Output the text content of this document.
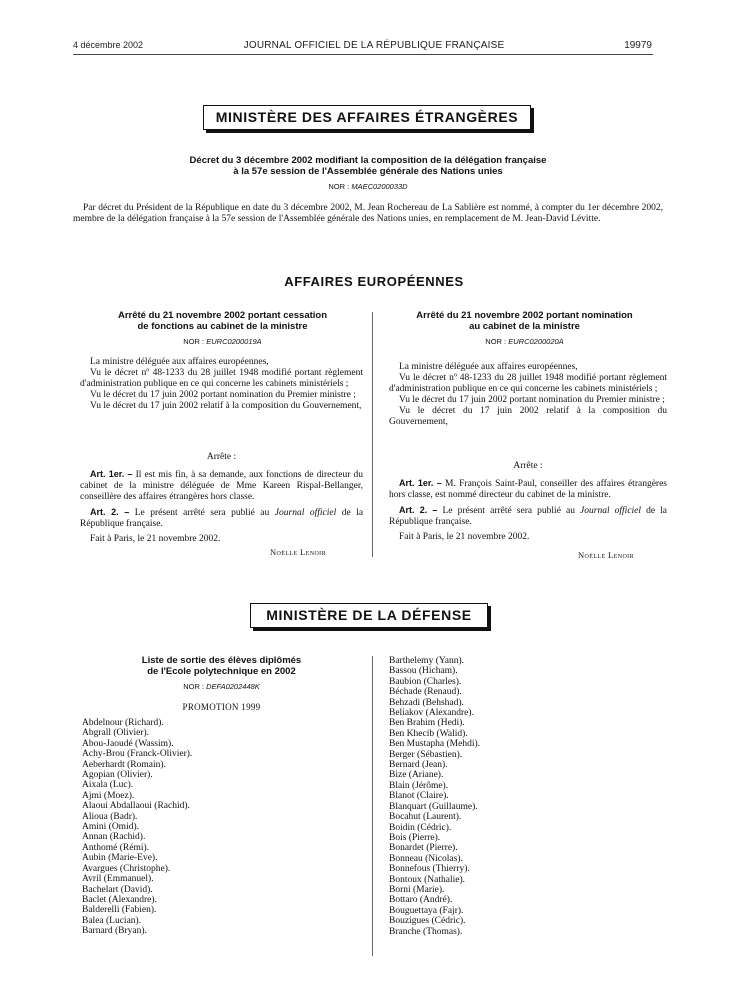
4 décembre 2002	JOURNAL OFFICIEL DE LA RÉPUBLIQUE FRANÇAISE	19979
MINISTÈRE DES AFFAIRES ÉTRANGÈRES
Décret du 3 décembre 2002 modifiant la composition de la délégation française
à la 57e session de l'Assemblée générale des Nations unies
NOR : MAEC0200033D

Par décret du Président de la République en date du 3 décembre 2002, M. Jean Rochereau de La Sablière est nommé, à compter du 1er décembre 2002, membre de la délégation française à la 57e session de l'Assemblée générale des Nations unies, en remplacement de M. Jean-David Lévitte.

AFFAIRES EUROPÉENNES
Arrêté du 21 novembre 2002 portant cessation
de fonctions au cabinet de la ministre
NOR : EURC0200019A

La ministre déléguée aux affaires européennes,

Vu le décret nº 48-1233 du 28 juillet 1948 modifié portant règlement d'administration publique en ce qui concerne les cabinets ministériels ;

Vu le décret du 17 juin 2002 portant nomination du Premier ministre ;

Vu le décret du 17 juin 2002 relatif à la composition du Gouvernement,

Arrête :

Art. 1er. – Il est mis fin, à sa demande, aux fonctions de directeur du cabinet de la ministre déléguée de Mme Kareen Rispal-Bellanger, conseillère des affaires étrangères hors classe.

Art. 2. – Le présent arrêté sera publié au Journal officiel de la République française.

Fait à Paris, le 21 novembre 2002.

Noëlle Lenoir
Arrêté du 21 novembre 2002 portant nomination
au cabinet de la ministre
NOR : EURC0200020A

La ministre déléguée aux affaires européennes,

Vu le décret nº 48-1233 du 28 juillet 1948 modifié portant règlement d'administration publique en ce qui concerne les cabinets ministériels ;

Vu le décret du 17 juin 2002 portant nomination du Premier ministre ;

Vu le décret du 17 juin 2002 relatif à la composition du Gouvernement,

Arrête :

Art. 1er. – M. François Saint-Paul, conseiller des affaires étrangères hors classe, est nommé directeur du cabinet de la ministre.

Art. 2. – Le présent arrêté sera publié au Journal officiel de la République française.

Fait à Paris, le 21 novembre 2002.

Noëlle Lenoir
MINISTÈRE DE LA DÉFENSE
Liste de sortie des élèves diplômés
de l'Ecole polytechnique en 2002
NOR : DEFA0202448K
PROMOTION 1999
Abdelnour (Richard).
Abgrall (Olivier).
Abou-Jaoudé (Wassim).
Achy-Brou (Franck-Olivier).
Aeberhardt (Romain).
Agopian (Olivier).
Aixala (Luc).
Ajmi (Moez).
Alaoui Abdallaoui (Rachid).
Alioua (Badr).
Amini (Omid).
Annan (Rachid).
Anthomé (Rémi).
Aubin (Marie-Eve).
Avargues (Christophe).
Avril (Emmanuel).
Bachelart (David).
Baclet (Alexandre).
Balderelli (Fabien).
Balea (Lucian).
Barnard (Bryan).
Barthelemy (Yann).
Bassou (Hicham).
Baubion (Charles).
Béchade (Renaud).
Behzadi (Behshad).
Beliakov (Alexandre).
Ben Brahim (Hedi).
Ben Khecib (Walid).
Ben Mustapha (Mehdi).
Berger (Sébastien).
Bernard (Jean).
Bize (Ariane).
Blain (Jérôme).
Blanot (Claire).
Blanquart (Guillaume).
Bocahut (Laurent).
Boidin (Cédric).
Bois (Pierre).
Bonardet (Pierre).
Bonneau (Nicolas).
Bonnefous (Thierry).
Bontoux (Nathalie).
Borni (Marie).
Bottaro (André).
Bouguettaya (Fajr).
Bouzigues (Cédric).
Branche (Thomas).
